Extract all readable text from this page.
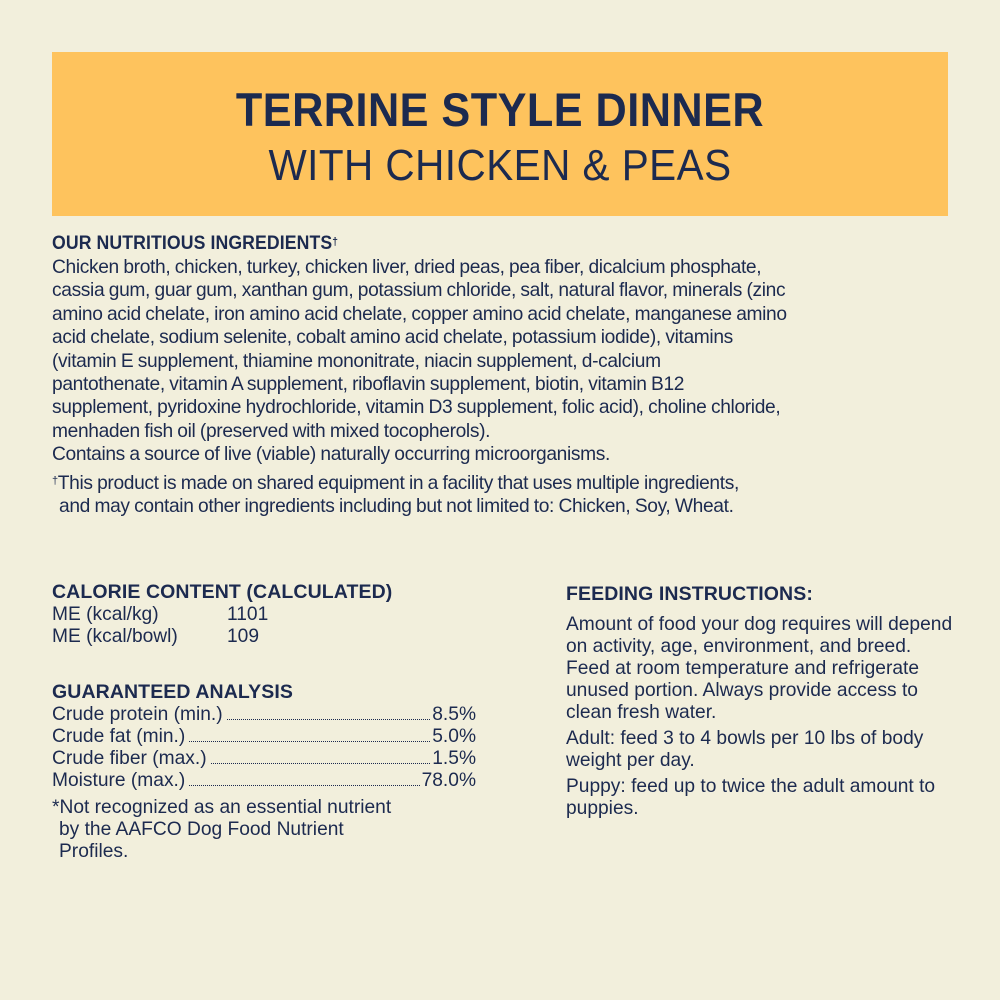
TERRINE STYLE DINNER
WITH CHICKEN & PEAS
OUR NUTRITIOUS INGREDIENTS†

Chicken broth, chicken, turkey, chicken liver, dried peas, pea fiber, dicalcium phosphate,

cassia gum, guar gum, xanthan gum, potassium chloride, salt, natural flavor, minerals (zinc

amino acid chelate, iron amino acid chelate, copper amino acid chelate, manganese amino

acid chelate, sodium selenite, cobalt amino acid chelate, potassium iodide), vitamins

(vitamin E supplement, thiamine mononitrate, niacin supplement, d-calcium

pantothenate, vitamin A supplement, riboflavin supplement, biotin, vitamin B12

supplement, pyridoxine hydrochloride, vitamin D3 supplement, folic acid), choline chloride,

menhaden fish oil (preserved with mixed tocopherols).

Contains a source of live (viable) naturally occurring microorganisms.

†This product is made on shared equipment in a facility that uses multiple ingredients,

and may contain other ingredients including but not limited to: Chicken, Soy, Wheat.

CALORIE CONTENT (CALCULATED)
ME (kcal/kg)	1101
ME (kcal/bowl)	109
GUARANTEED ANALYSIS
Crude protein (min.)	8.5%
Crude fat (min.)	5.0%
Crude fiber (max.)	1.5%
Moisture (max.)	78.0%
*Not recognized as an essential nutrient
by the AAFCO Dog Food Nutrient
Profiles.
FEEDING INSTRUCTIONS:

Amount of food your dog requires will depend on activity, age, environment, and breed. Feed at room temperature and refrigerate unused portion. Always provide access to clean fresh water.

Adult: feed 3 to 4 bowls per 10 lbs of body weight per day.

Puppy: feed up to twice the adult amount to puppies.
